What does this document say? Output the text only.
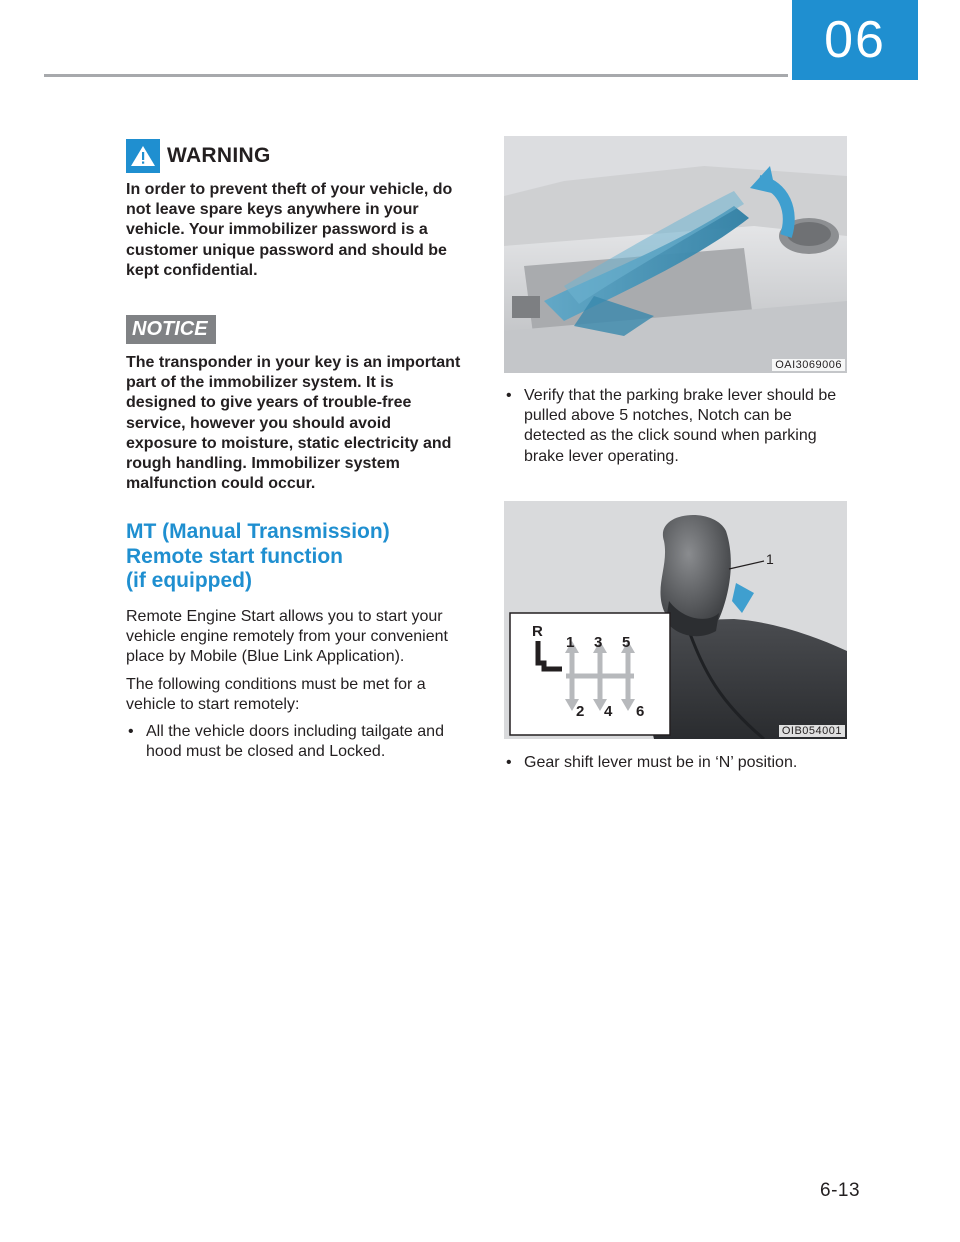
06
WARNING

In order to prevent theft of your vehicle, do not leave spare keys anywhere in your vehicle. Your immobilizer password is a customer unique password and should be kept confidential.

NOTICE

The transponder in your key is an important part of the immobilizer system. It is designed to give years of trouble-free service, however you should avoid exposure to moisture, static electricity and rough handling. Immobilizer system malfunction could occur.

MT (Manual Transmission)
Remote start function
(if equipped)

Remote Engine Start allows you to start your vehicle engine remotely from your convenient place by Mobile (Blue Link Application).

The following conditions must be met for a vehicle to start remotely:

• All the vehicle doors including tailgate and hood must be closed and Locked.
OAI3069006
• Verify that the parking brake lever should be pulled above 5 notches, Notch can be detected as the click sound when parking brake lever operating.
1
R
1 3 5
2 4 6
OIB054001
• Gear shift lever must be in ‘N’ position.
6-13
